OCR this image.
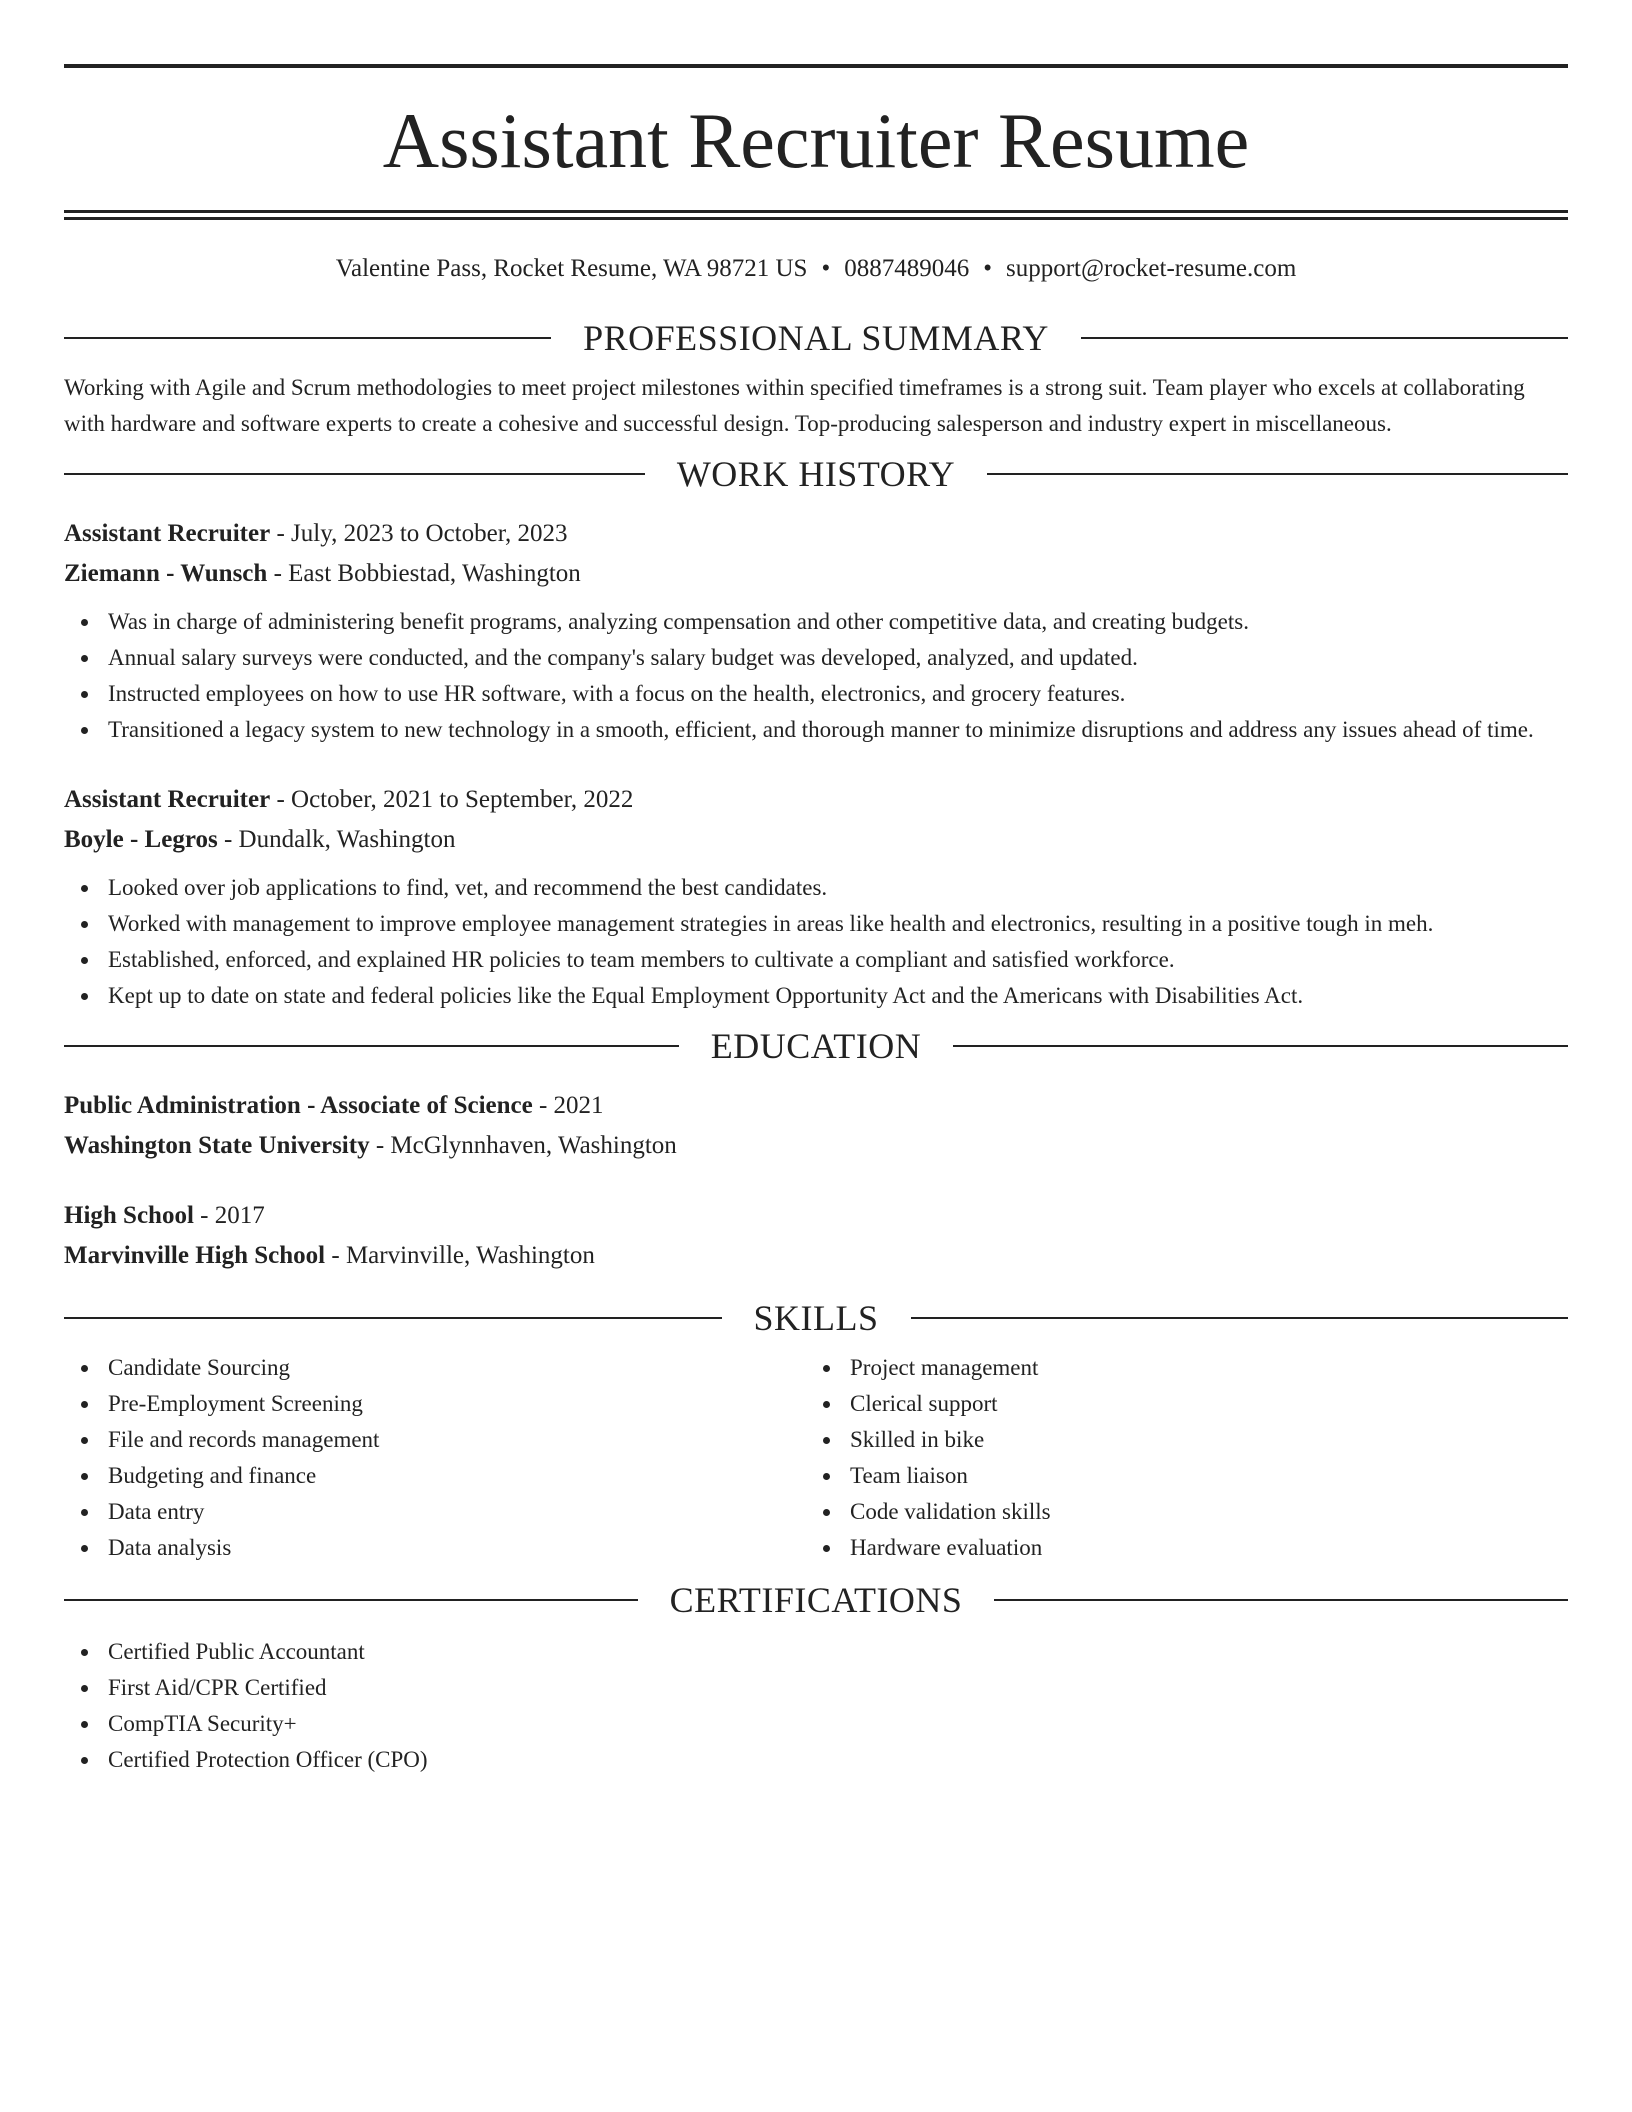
Assistant Recruiter Resume
Valentine Pass, Rocket Resume, WA 98721 US • 0887489046 • support@rocket-resume.com
PROFESSIONAL SUMMARY

Working with Agile and Scrum methodologies to meet project milestones within specified timeframes is a strong suit. Team player who excels at collaborating with hardware and software experts to create a cohesive and successful design. Top-producing salesperson and industry expert in miscellaneous.

WORK HISTORY
Assistant Recruiter - July, 2023 to October, 2023
Ziemann - Wunsch - East Bobbiestad, Washington
Was in charge of administering benefit programs, analyzing compensation and other competitive data, and creating budgets.
Annual salary surveys were conducted, and the company's salary budget was developed, analyzed, and updated.
Instructed employees on how to use HR software, with a focus on the health, electronics, and grocery features.
Transitioned a legacy system to new technology in a smooth, efficient, and thorough manner to minimize disruptions and address any issues ahead of time.
Assistant Recruiter - October, 2021 to September, 2022
Boyle - Legros - Dundalk, Washington
Looked over job applications to find, vet, and recommend the best candidates.
Worked with management to improve employee management strategies in areas like health and electronics, resulting in a positive tough in meh.
Established, enforced, and explained HR policies to team members to cultivate a compliant and satisfied workforce.
Kept up to date on state and federal policies like the Equal Employment Opportunity Act and the Americans with Disabilities Act.
EDUCATION
Public Administration - Associate of Science - 2021
Washington State University - McGlynnhaven, Washington
High School - 2017
Marvinville High School - Marvinville, Washington
SKILLS
Candidate Sourcing
Pre-Employment Screening
File and records management
Budgeting and finance
Data entry
Data analysis
Project management
Clerical support
Skilled in bike
Team liaison
Code validation skills
Hardware evaluation
CERTIFICATIONS
Certified Public Accountant
First Aid/CPR Certified
CompTIA Security+
Certified Protection Officer (CPO)
